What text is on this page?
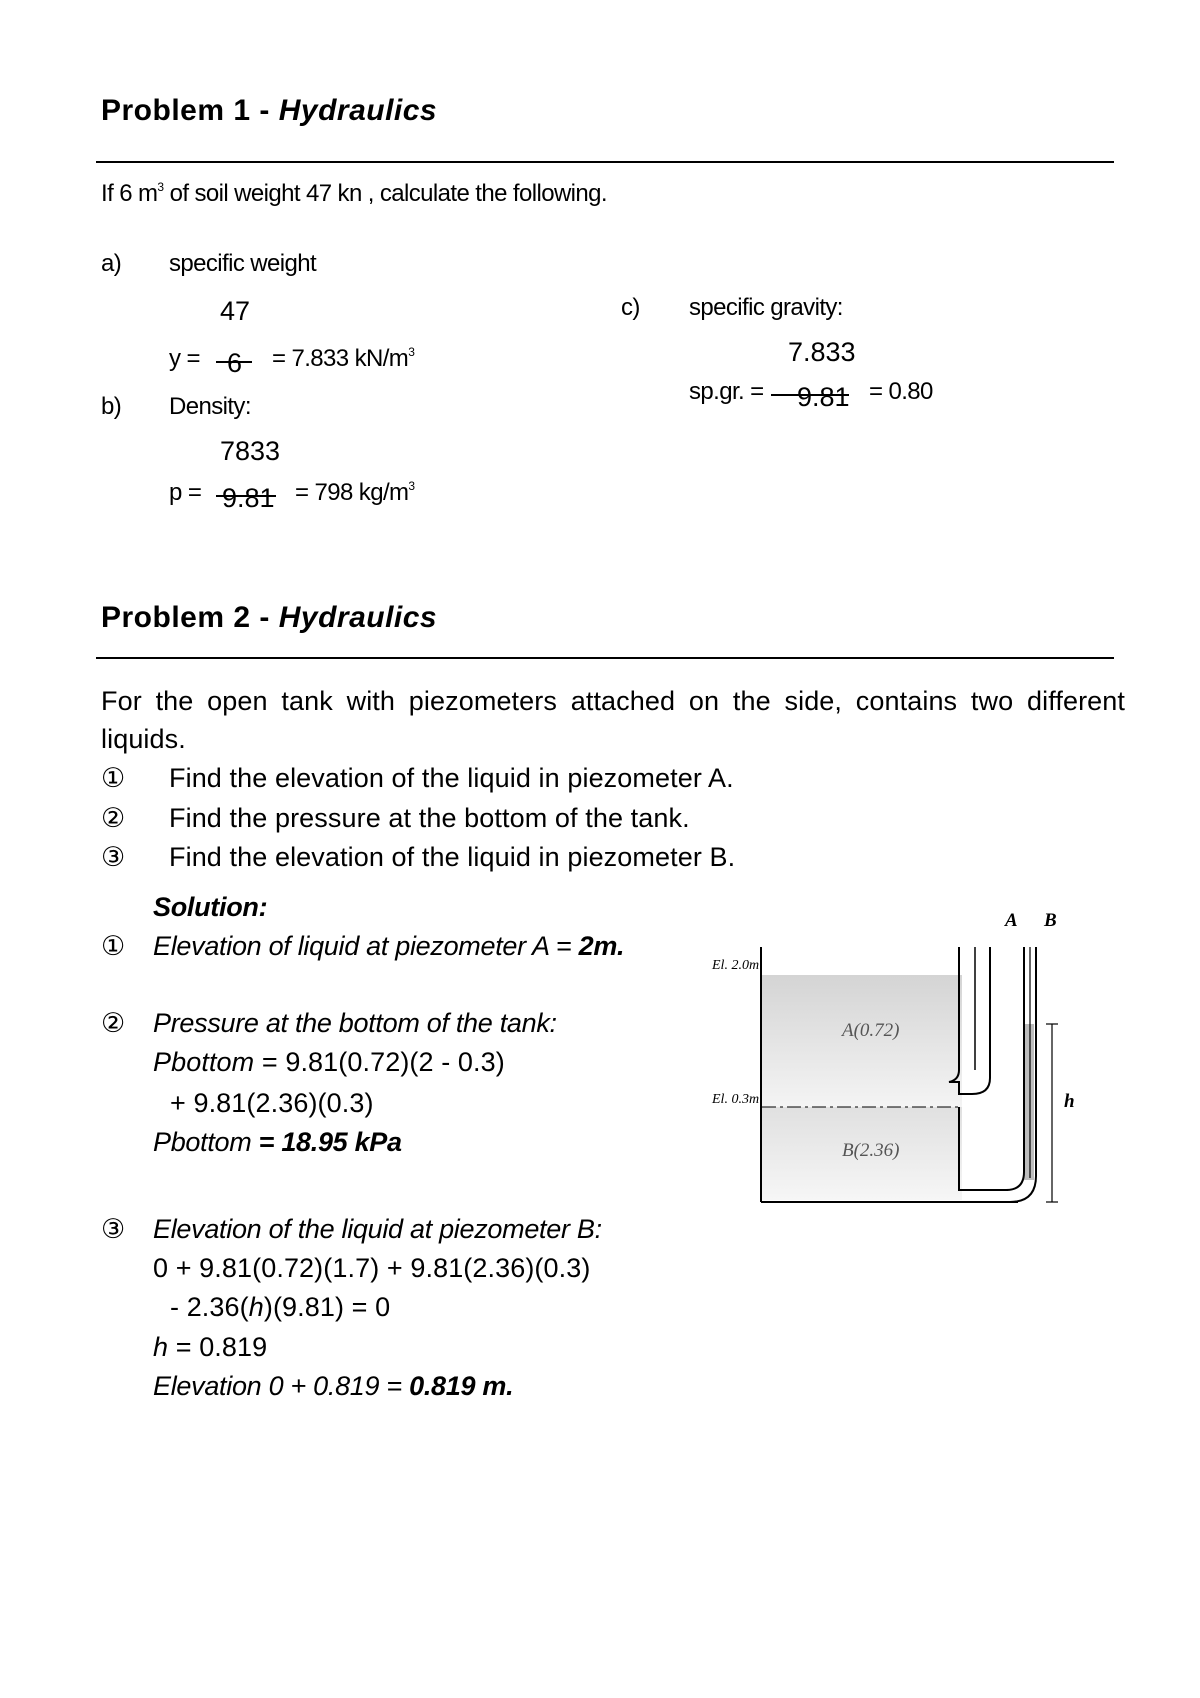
Problem 1 - Hydraulics
If 6 $m^3$ of soil weight 47 kn , calculate the following.
a) specific weight
47
y = 6 = 7.833 $kN/m^3$
b) Density:
7833
p = 9.81 = 798 $kg/m^3$
c) specific gravity:
7.833
sp.gr. = 9.81 = 0.80
Problem 2 - Hydraulics
For the open tank with piezometers attached on the side, contains two different
liquids.
① Find the elevation of the liquid in piezometer A.
② Find the pressure at the bottom of the tank.
③ Find the elevation of the liquid in piezometer B.
Solution:
① Elevation of liquid at piezometer A = 2m.
② Pressure at the bottom of the tank:
Pbottom = 9.81(0.72)(2 - 0.3)
+ 9.81(2.36)(0.3)
Pbottom = 18.95 kPa
③ Elevation of the liquid at piezometer B:
0 + 9.81(0.72)(1.7) + 9.81(2.36)(0.3)
- 2.36(h)(9.81) = 0
h = 0.819
Elevation 0 + 0.819 = 0.819 m.
A B
El. 2.0m
El. 0.3m
A(0.72)
B(2.36)
h
